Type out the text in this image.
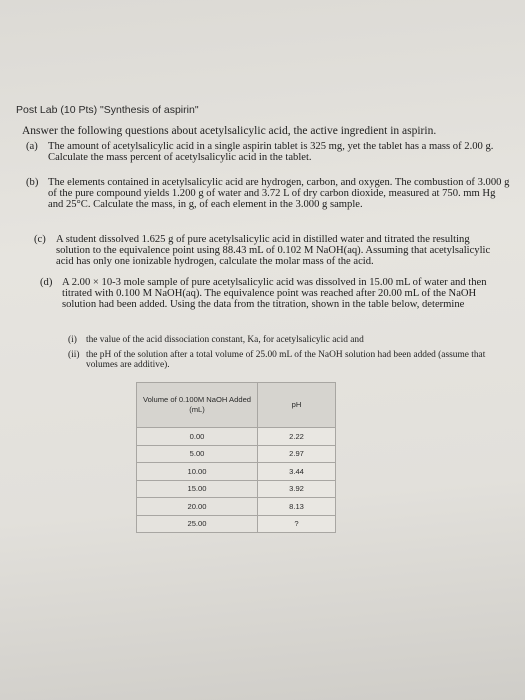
Post Lab (10 Pts) "Synthesis of aspirin"
Answer the following questions about acetylsalicylic acid, the active ingredient in aspirin.
(a) The amount of acetylsalicylic acid in a single aspirin tablet is 325 mg, yet the tablet has a mass of 2.00 g. Calculate the mass percent of acetylsalicylic acid in the tablet.
(b) The elements contained in acetylsalicylic acid are hydrogen, carbon, and oxygen. The combustion of 3.000 g of the pure compound yields 1.200 g of water and 3.72 L of dry carbon dioxide, measured at 750. mm Hg and 25°C. Calculate the mass, in g, of each element in the 3.000 g sample.
(c) A student dissolved 1.625 g of pure acetylsalicylic acid in distilled water and titrated the resulting solution to the equivalence point using 88.43 mL of 0.102 M NaOH(aq). Assuming that acetylsalicylic acid has only one ionizable hydrogen, calculate the molar mass of the acid.
(d) A 2.00 × 10-3 mole sample of pure acetylsalicylic acid was dissolved in 15.00 mL of water and then titrated with 0.100 M NaOH(aq). The equivalence point was reached after 20.00 mL of the NaOH solution had been added. Using the data from the titration, shown in the table below, determine
(i) the value of the acid dissociation constant, Ka, for acetylsalicylic acid and
(ii) the pH of the solution after a total volume of 25.00 mL of the NaOH solution had been added (assume that volumes are additive).
Volume of 0.100M NaOH Added (mL)	pH
0.00	2.22
5.00	2.97
10.00	3.44
15.00	3.92
20.00	8.13
25.00	?
